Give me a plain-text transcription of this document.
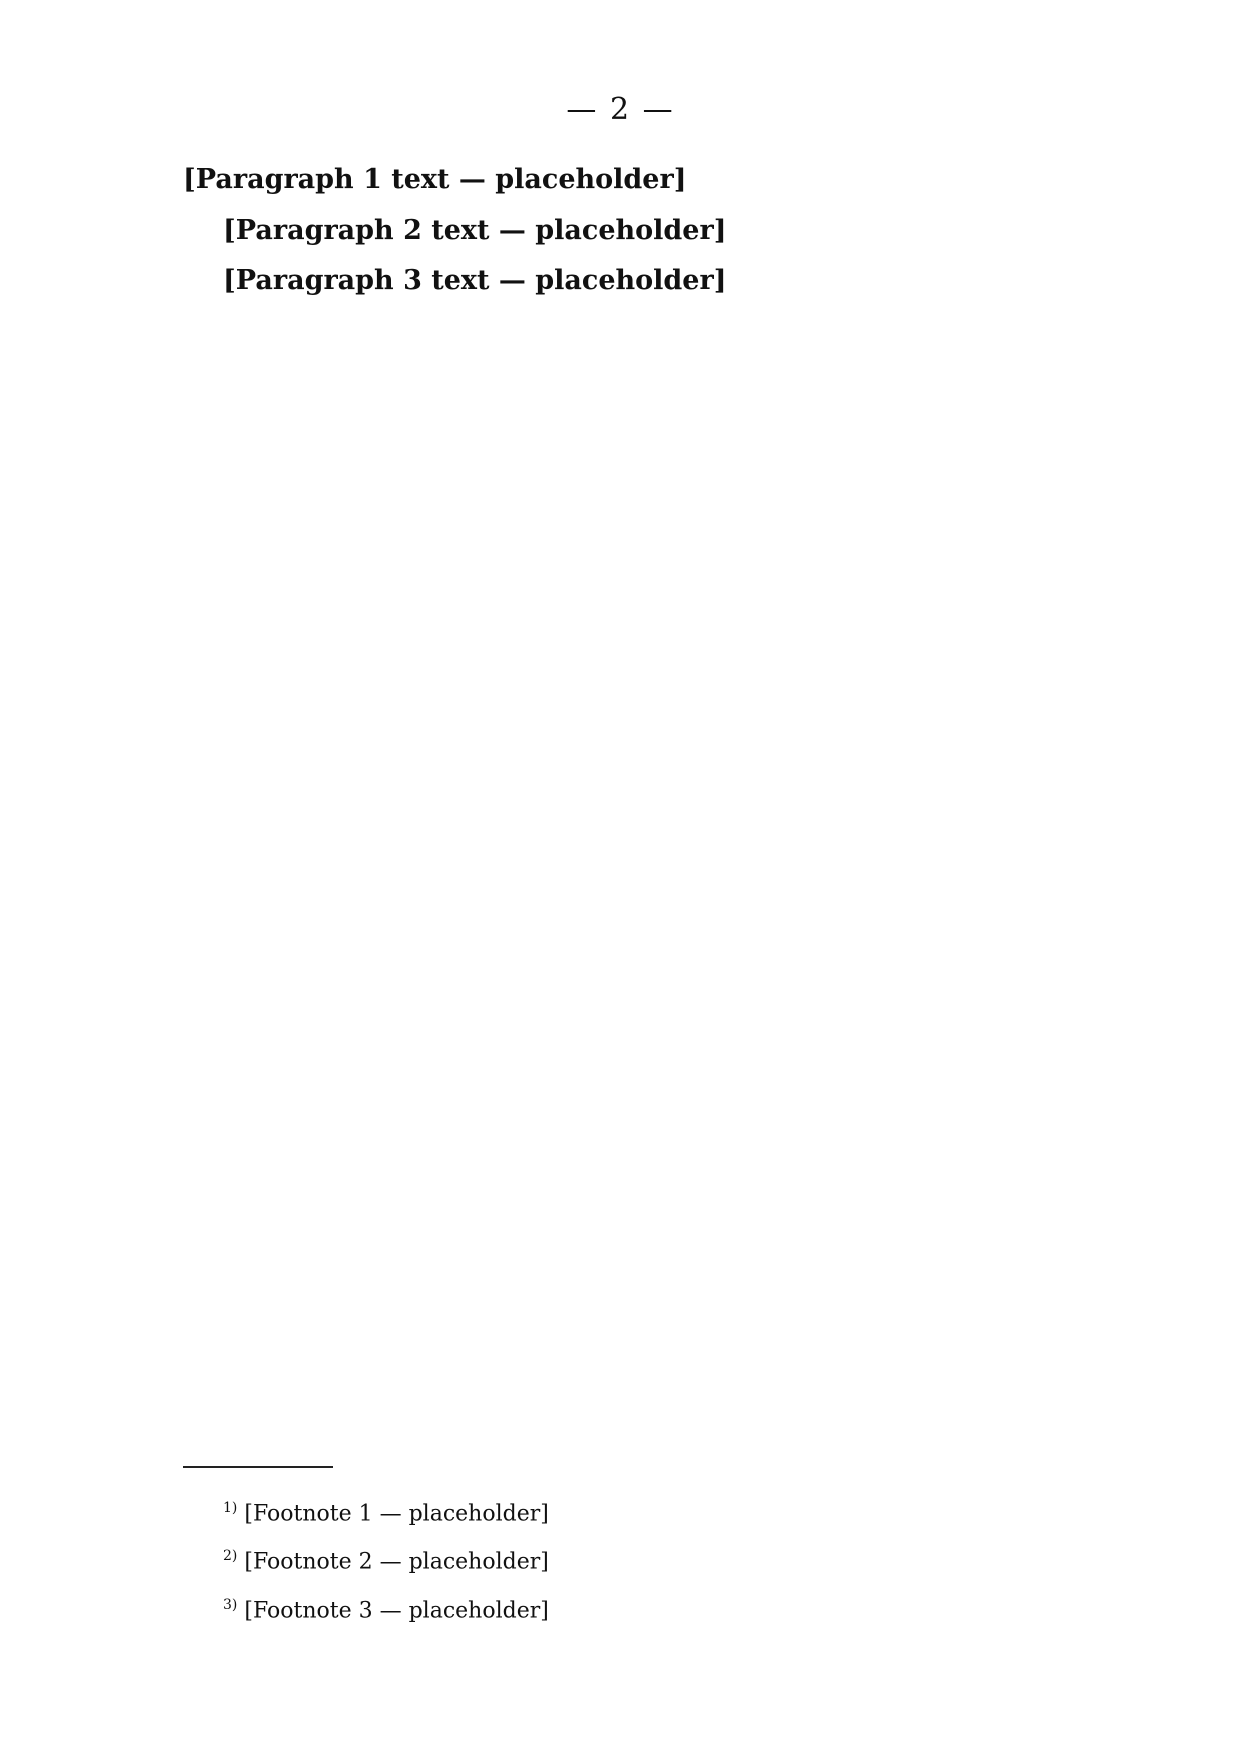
— 2 —

[Paragraph 1 text — placeholder]

[Paragraph 2 text — placeholder]

[Paragraph 3 text — placeholder]

$^{1)}$ [Footnote 1 — placeholder]

$^{2)}$ [Footnote 2 — placeholder]

$^{3)}$ [Footnote 3 — placeholder]
